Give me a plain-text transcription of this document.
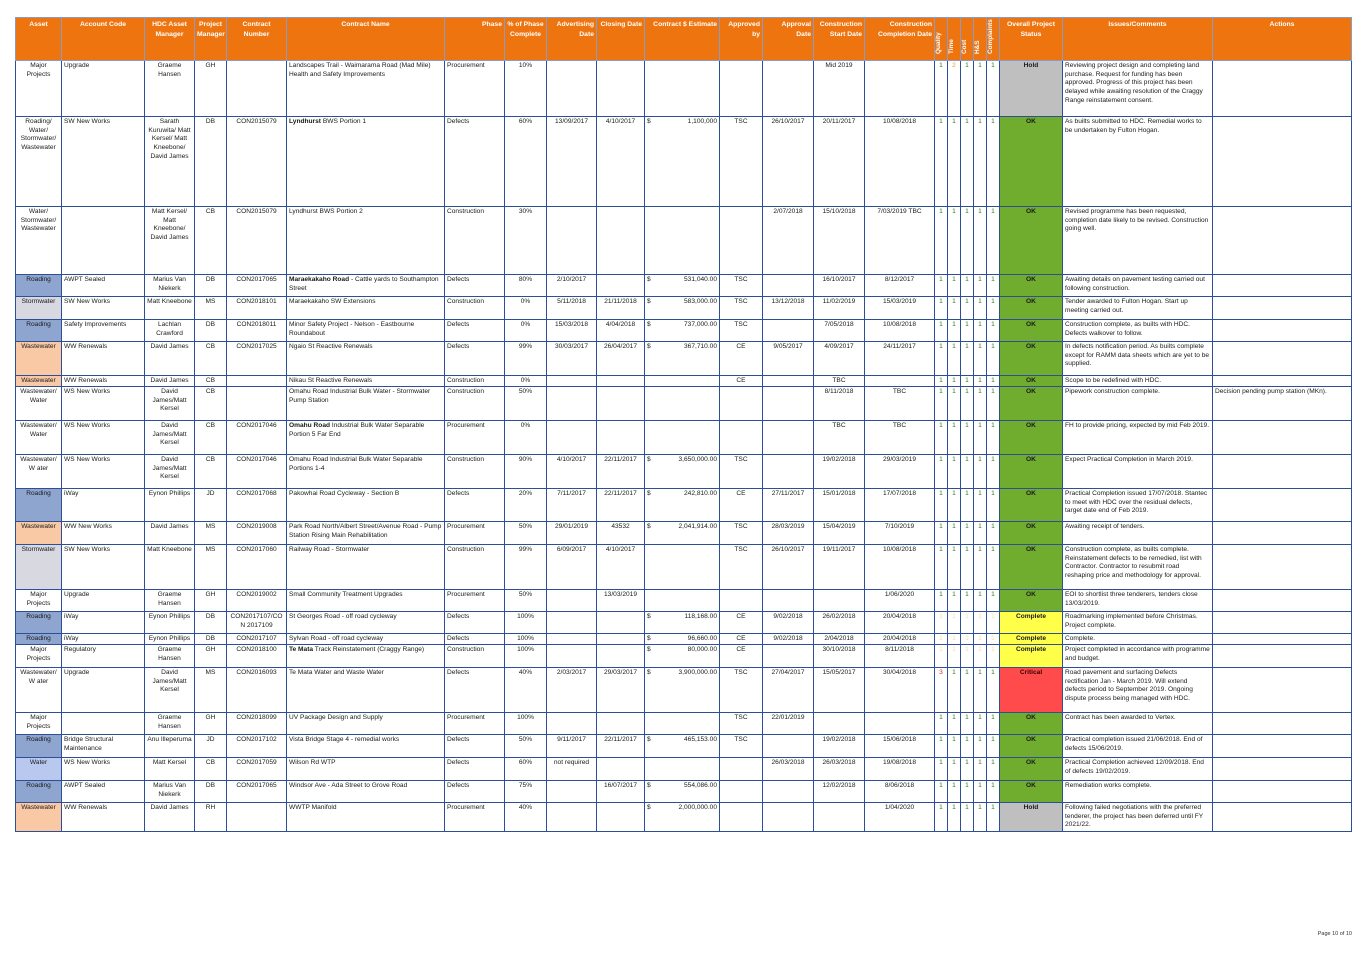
Asset	Account Code	HDC Asset Manager	Project Manager	Contract Number	Contract Name	Phase	% of Phase Complete	Advertising Date	Closing Date	Contract $ Estimate	Approved by	Approval Date	Construction Start Date	Construction Completion Date	Quality	Time	Cost	H&S	Complaints	Overall Project Status	Issues/Comments	Actions
Major Projects	Upgrade	Graeme Hansen	GH		Landscapes Trail - Waimarama Road (Mad Mile) Health and Safety Improvements	Procurement	10%						Mid 2019		1	2	1	1	1	Hold	Reviewing project design and completing land purchase. Request for funding has been approved. Progress of this project has been delayed while awaiting resolution of the Craggy Range reinstatement consent.	
Roading/ Water/ Stormwater/ Wastewater	SW New Works	Sarath Kuruwita/ Matt Kersel/ Matt Kneebone/ David James	DB	CON2015079	Lyndhurst BWS Portion 1	Defects	60%	13/09/2017	4/10/2017	$ 1,100,000	TSC	26/10/2017	20/11/2017	10/08/2018	1	1	1	1	1	OK	As builts submitted to HDC. Remedial works to be undertaken by Fulton Hogan.	
Water/ Stormwater/ Wastewater		Matt Kersel/ Matt Kneebone/ David James	CB	CON2015079	Lyndhurst BWS Portion 2	Construction	30%					2/07/2018	15/10/2018	7/03/2019 TBC	1	1	1	1	1	OK	Revised programme has been requested, completion date likely to be revised. Construction going well.	
Roading	AWPT Sealed	Marius Van Niekerk	DB	CON2017065	Maraekakaho Road - Cattle yards to Southampton Street	Defects	80%	2/10/2017		$ 531,040.00	TSC		16/10/2017	8/12/2017	1	1	1	1	1	OK	Awaiting details on pavement testing carried out following construction.	
Stormwater	SW New Works	Matt Kneebone	MS	CON2018101	Maraekakaho SW Extensions	Construction	0%	5/11/2018	21/11/2018	$ 583,000.00	TSC	13/12/2018	11/02/2019	15/03/2019	1	1	1	1	1	OK	Tender awarded to Fulton Hogan. Start up meeting carried out.	
Roading	Safety Improvements	Lachlan Crawford	DB	CON2018011	Minor Safety Project - Nelson - Eastbourne Roundabout	Defects	0%	15/03/2018	4/04/2018	$ 737,000.00	TSC		7/05/2018	10/08/2018	1	1	1	1	1	OK	Construction complete, as builts with HDC. Defects walkover to follow.	
Wastewater	WW Renewals	David James	CB	CON2017025	Ngaio St Reactive Renewals	Defects	99%	30/03/2017	26/04/2017	$ 367,710.00	CE	9/05/2017	4/09/2017	24/11/2017	1	1	1	1	1	OK	In defects notification period. As builts complete except for RAMM data sheets which are yet to be supplied.	
Wastewater	WW Renewals	David James	CB		Nikau St Reactive Renewals	Construction	0%				CE		TBC		1	1	1	1	1	OK	Scope to be redefined with HDC.	
Wastewater/ Water	WS New Works	David James/Matt Kersel	CB		Omahu Road Industrial Bulk Water - Stormwater Pump Station	Construction	50%						8/11/2018	TBC	1	1	1	1	1	OK	Pipework construction complete.	Decision pending pump station (MKn).
Wastewater/ Water	WS New Works	David James/Matt Kersel	CB	CON2017046	Omahu Road Industrial Bulk Water Separable Portion 5 Far End	Procurement	0%						TBC	TBC	1	1	1	1	1	OK	FH to provide pricing, expected by mid Feb 2019.	
Wastewater/W ater	WS New Works	David James/Matt Kersel	CB	CON2017046	Omahu Road Industrial Bulk Water Separable Portions 1-4	Construction	90%	4/10/2017	22/11/2017	$ 3,650,000.00	TSC		19/02/2018	29/03/2019	1	1	1	1	1	OK	Expect Practical Completion in March 2019.	
Roading	iWay	Eynon Phillips	JD	CON2017068	Pakowhai Road Cycleway - Section B	Defects	20%	7/11/2017	22/11/2017	$ 242,810.00	CE	27/11/2017	15/01/2018	17/07/2018	1	1	1	1	1	OK	Practical Completion issued 17/07/2018. Stantec to meet with HDC over the residual defects, target date end of Feb 2019.	
Wastewater	WW New Works	David James	MS	CON2019008	Park Road North/Albert Street/Avenue Road - Pump Station Rising Main Rehabilitation	Procurement	50%	29/01/2019	43532	$ 2,041,914.00	TSC	28/03/2019	15/04/2019	7/10/2019	1	1	1	1	1	OK	Awaiting receipt of tenders.	
Stormwater	SW New Works	Matt Kneebone	MS	CON2017060	Railway Road - Stormwater	Construction	99%	6/09/2017	4/10/2017		TSC	26/10/2017	19/11/2017	10/08/2018	1	1	1	1	1	OK	Construction complete, as builts complete. Reinstatement defects to be remedied, list with Contractor. Contractor to resubmit road reshaping price and methodology for approval.	
Major Projects	Upgrade	Graeme Hansen	GH	CON2019002	Small Community Treatment Upgrades	Procurement	50%		13/03/2019					1/06/2020	1	1	1	1	1	OK	EOI to shortlist three tenderers, tenders close 13/03/2019.	
Roading	iWay	Eynon Phillips	DB	CON2017107/CON 2017109	St Georges Road - off road cycleway	Defects	100%			$ 118,168.00	CE	9/02/2018	26/02/2018	20/04/2018	1	1	1	1	1	Complete	Roadmarking implemented before Christmas. Project complete.	
Roading	iWay	Eynon Phillips	DB	CON2017107	Sylvan Road - off road cycleway	Defects	100%			$ 96,660.00	CE	9/02/2018	2/04/2018	20/04/2018	1	1	1	1	1	Complete	Complete.	
Major Projects	Regulatory	Graeme Hansen	GH	CON2018100	Te Mata Track Reinstatement (Craggy Range)	Construction	100%			$ 80,000.00	CE		30/10/2018	8/11/2018	1	1	1	1	1	Complete	Project completed in accordance with programme and budget.	
Wastewater/W ater	Upgrade	David James/Matt Kersel	MS	CON2016093	Te Mata Water and Waste Water	Defects	40%	2/03/2017	29/03/2017	$ 3,900,000.00	TSC	27/04/2017	15/05/2017	30/04/2018	3	1	1	1	1	Critical	Road pavement and surfacing Defects rectification Jan - March 2019. Will extend defects period to September 2019. Ongoing dispute process being managed with HDC.	
Major Projects		Graeme Hansen	GH	CON2018099	UV Package Design and Supply	Procurement	100%				TSC	22/01/2019			1	1	1	1	1	OK	Contract has been awarded to Vertex.	
Roading	Bridge Structural Maintenance	Anu Illeperuma	JD	CON2017102	Vista Bridge Stage 4 - remedial works	Defects	50%	9/11/2017	22/11/2017	$ 465,153.00	TSC		19/02/2018	15/06/2018	1	1	1	1	1	OK	Practical completion issued 21/06/2018. End of defects 15/06/2019.	
Water	WS New Works	Matt Kersel	CB	CON2017059	Wilson Rd WTP	Defects	60%	not required				26/03/2018	26/03/2018	19/08/2018	1	1	1	1	1	OK	Practical Completion achieved 12/09/2018. End of defects 19/02/2019.	
Roading	AWPT Sealed	Marius Van Niekerk	DB	CON2017065	Windsor Ave - Ada Street to Grove Road	Defects	75%		16/07/2017	$ 554,086.00			12/02/2018	8/06/2018	1	1	1	1	1	OK	Remediation works complete.	
Wastewater	WW Renewals	David James	RH		WWTP Manifold	Procurement	40%			$ 2,000,000.00				1/04/2020	1	1	1	1	1	Hold	Following failed negotiations with the preferred tenderer, the project has been deferred until FY 2021/22.	
Page 10 of 10
